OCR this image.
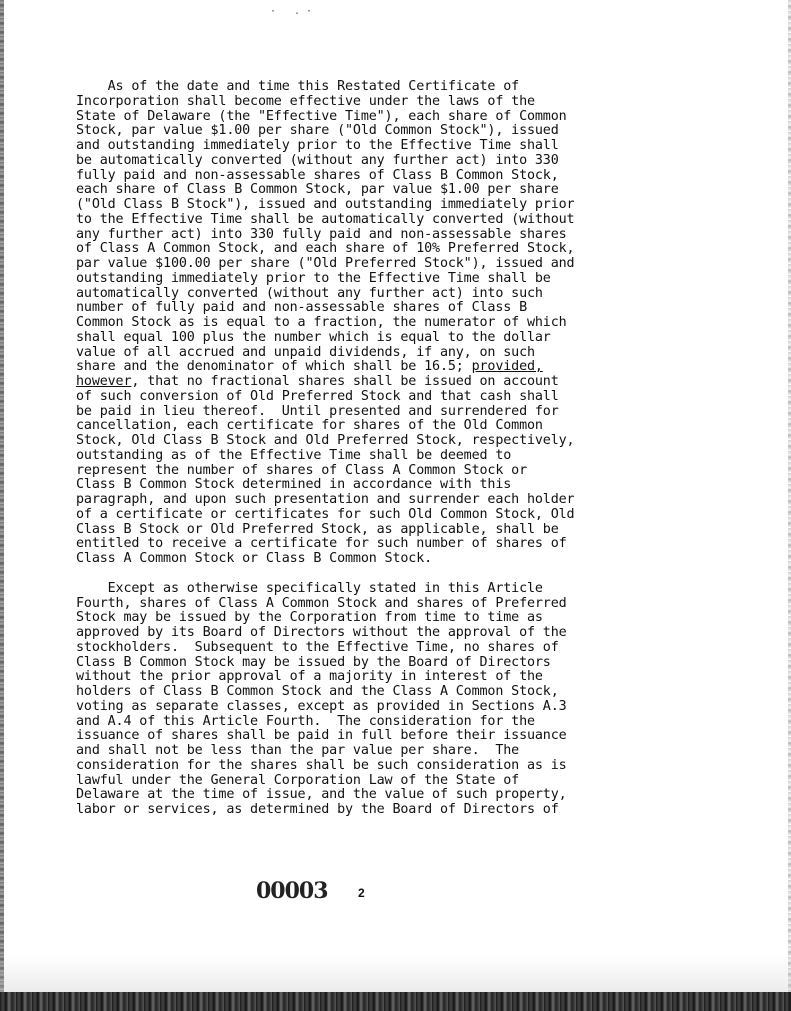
· .·

As of the date and time this Restated Certificate of
Incorporation shall become effective under the laws of the
State of Delaware (the "Effective Time"), each share of Common
Stock, par value $1.00 per share ("Old Common Stock"), issued
and outstanding immediately prior to the Effective Time shall
be automatically converted (without any further act) into 330
fully paid and non-assessable shares of Class B Common Stock,
each share of Class B Common Stock, par value $1.00 per share
("Old Class B Stock"), issued and outstanding immediately prior
to the Effective Time shall be automatically converted (without
any further act) into 330 fully paid and non-assessable shares
of Class A Common Stock, and each share of 10% Preferred Stock,
par value $100.00 per share ("Old Preferred Stock"), issued and
outstanding immediately prior to the Effective Time shall be
automatically converted (without any further act) into such
number of fully paid and non-assessable shares of Class B
Common Stock as is equal to a fraction, the numerator of which
shall equal 100 plus the number which is equal to the dollar
value of all accrued and unpaid dividends, if any, on such
share and the denominator of which shall be 16.5; provided,
however, that no fractional shares shall be issued on account
of such conversion of Old Preferred Stock and that cash shall
be paid in lieu thereof.  Until presented and surrendered for
cancellation, each certificate for shares of the Old Common
Stock, Old Class B Stock and Old Preferred Stock, respectively,
outstanding as of the Effective Time shall be deemed to
represent the number of shares of Class A Common Stock or
Class B Common Stock determined in accordance with this
paragraph, and upon such presentation and surrender each holder
of a certificate or certificates for such Old Common Stock, Old
Class B Stock or Old Preferred Stock, as applicable, shall be
entitled to receive a certificate for such number of shares of
Class A Common Stock or Class B Common Stock.

Except as otherwise specifically stated in this Article
Fourth, shares of Class A Common Stock and shares of Preferred
Stock may be issued by the Corporation from time to time as
approved by its Board of Directors without the approval of the
stockholders.  Subsequent to the Effective Time, no shares of
Class B Common Stock may be issued by the Board of Directors
without the prior approval of a majority in interest of the
holders of Class B Common Stock and the Class A Common Stock,
voting as separate classes, except as provided in Sections A.3
and A.4 of this Article Fourth.  The consideration for the
issuance of shares shall be paid in full before their issuance
and shall not be less than the par value per share.  The
consideration for the shares shall be such consideration as is
lawful under the General Corporation Law of the State of
Delaware at the time of issue, and the value of such property,
labor or services, as determined by the Board of Directors of

00003	2
